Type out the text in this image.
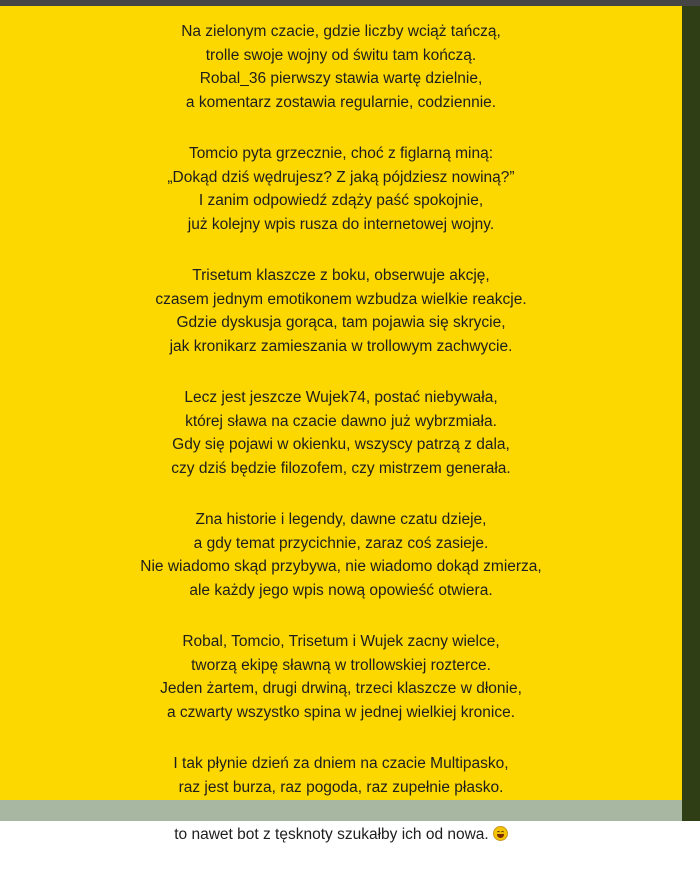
Na zielonym czacie, gdzie liczby wciąż tańczą,
trolle swoje wojny od świtu tam kończą.
Robal_36 pierwszy stawia wartę dzielnie,
a komentarz zostawia regularnie, codziennie.
Tomcio pyta grzecznie, choć z figlarną miną:
„Dokąd dziś wędrujesz? Z jaką pójdziesz nowiną?”
I zanim odpowiedź zdąży paść spokojnie,
już kolejny wpis rusza do internetowej wojny.
Trisetum klaszcze z boku, obserwuje akcję,
czasem jednym emotikonem wzbudza wielkie reakcje.
Gdzie dyskusja gorąca, tam pojawia się skrycie,
jak kronikarz zamieszania w trollowym zachwycie.
Lecz jest jeszcze Wujek74, postać niebywała,
której sława na czacie dawno już wybrzmiała.
Gdy się pojawi w okienku, wszyscy patrzą z dala,
czy dziś będzie filozofem, czy mistrzem generała.
Zna historie i legendy, dawne czatu dzieje,
a gdy temat przycichnie, zaraz coś zasieje.
Nie wiadomo skąd przybywa, nie wiadomo dokąd zmierza,
ale każdy jego wpis nową opowieść otwiera.
Robal, Tomcio, Trisetum i Wujek zacny wielce,
tworzą ekipę sławną w trollowskiej rozterce.
Jeden żartem, drugi drwiną, trzeci klaszcze w dłonie,
a czwarty wszystko spina w jednej wielkiej kronice.
I tak płynie dzień za dniem na czacie Multipasko,
raz jest burza, raz pogoda, raz zupełnie płasko.
to nawet bot z tęsknoty szukałby ich od nowa.
